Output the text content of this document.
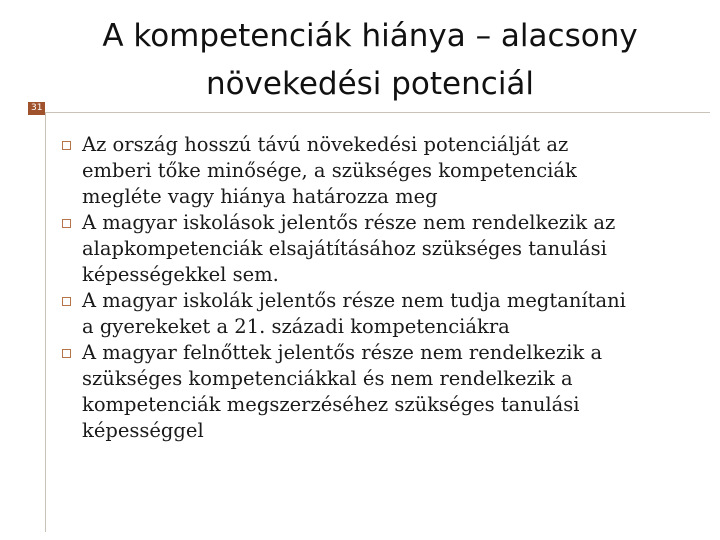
A kompetenciák hiánya – alacsony
növekedési potenciál
31
Az ország hosszú távú növekedési potenciálját az
emberi tőke minősége, a szükséges kompetenciák
megléte vagy hiánya határozza meg
A magyar iskolások jelentős része nem rendelkezik az
alapkompetenciák elsajátításához szükséges tanulási
képességekkel sem.
A magyar iskolák jelentős része nem tudja megtanítani
a gyerekeket a 21. századi kompetenciákra
A magyar felnőttek jelentős része nem rendelkezik a
szükséges kompetenciákkal és nem rendelkezik a
kompetenciák megszerzéséhez szükséges tanulási
képességgel
